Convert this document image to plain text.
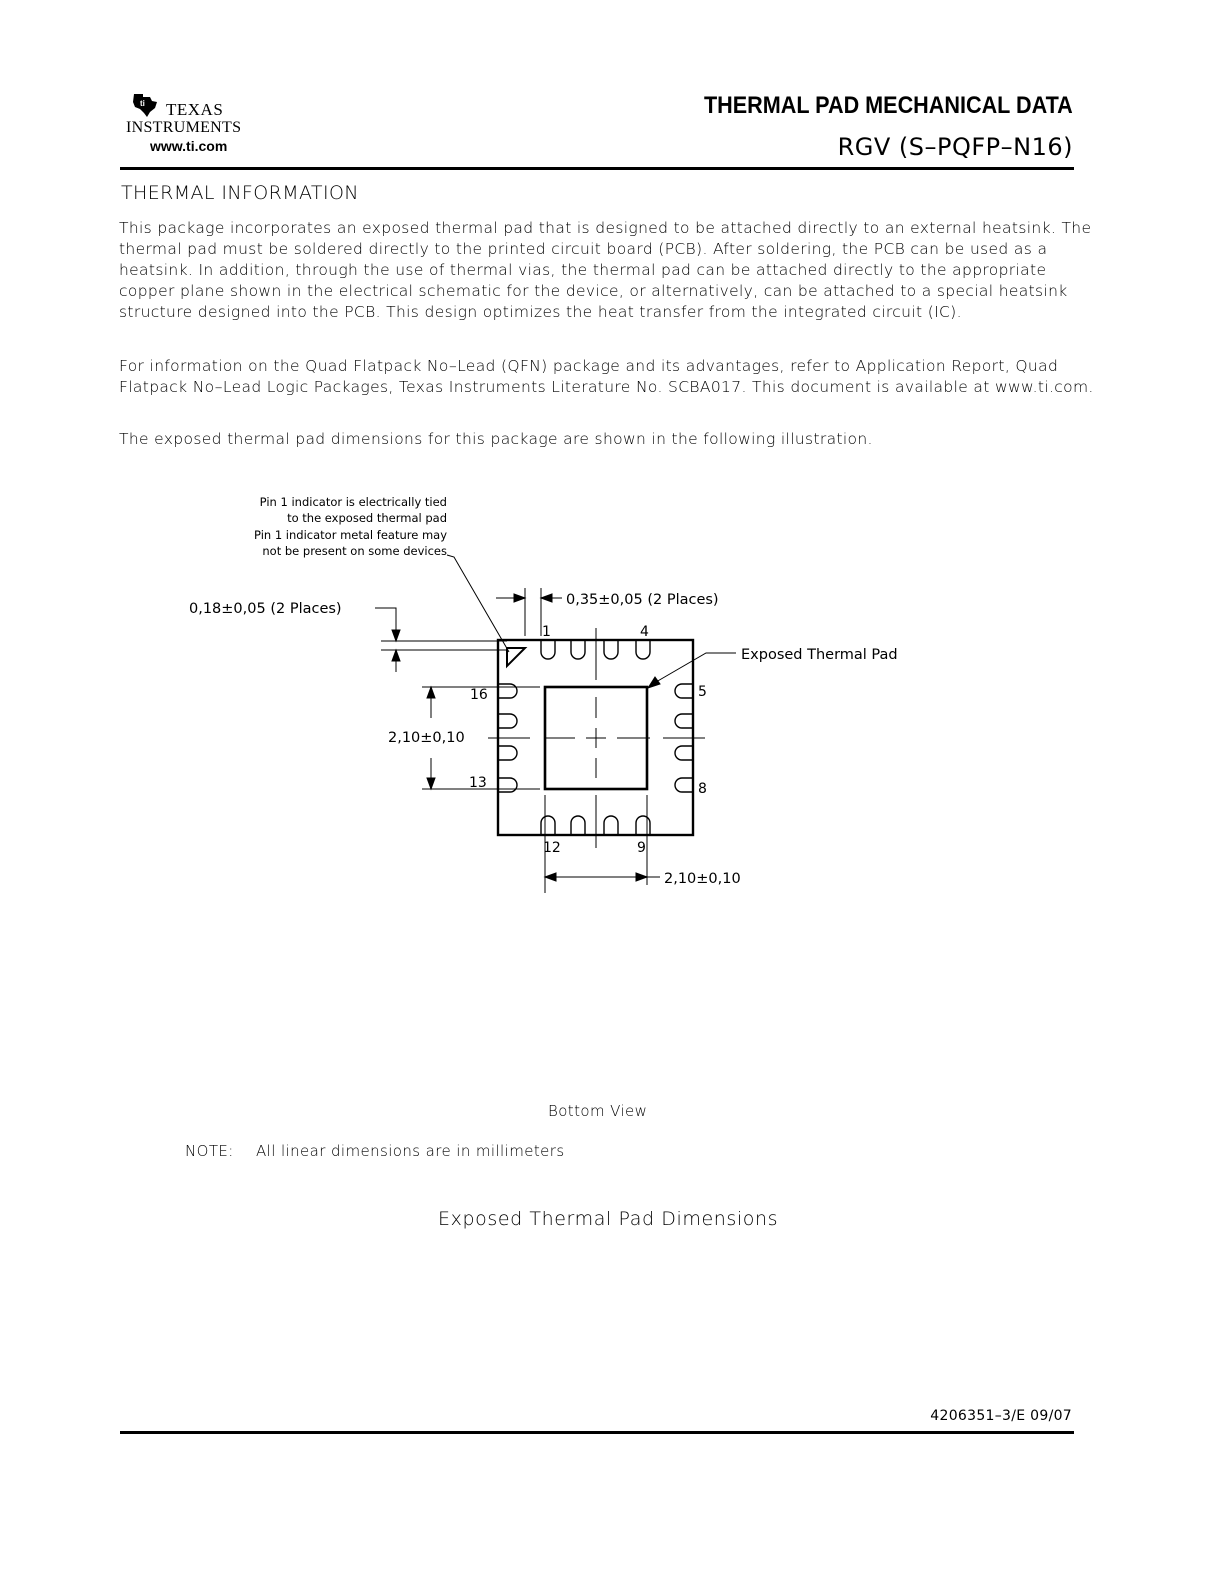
ti TEXAS
INSTRUMENTS
www.ti.com
THERMAL PAD MECHANICAL DATA
RGV (S–PQFP–N16)
THERMAL INFORMATION

This package incorporates an exposed thermal pad that is designed to be attached directly to an external heatsink. The thermal pad must be soldered directly to the printed circuit board (PCB). After soldering, the PCB can be used as a heatsink. In addition, through the use of thermal vias, the thermal pad can be attached directly to the appropriate copper plane shown in the electrical schematic for the device, or alternatively, can be attached to a special heatsink structure designed into the PCB. This design optimizes the heat transfer from the integrated circuit (IC).

For information on the Quad Flatpack No–Lead (QFN) package and its advantages, refer to Application Report, Quad Flatpack No–Lead Logic Packages, Texas Instruments Literature No. SCBA017. This document is available at www.ti.com.

The exposed thermal pad dimensions for this package are shown in the following illustration.

Pin 1 indicator is electrically tied
to the exposed thermal pad
Pin 1 indicator metal feature may
not be present on some devices
1	4
5
8
9
12
13
16
0,35±0,05 (2 Places)
0,18±0,05 (2 Places)
2,10±0,10
2,10±0,10
Exposed Thermal Pad
Bottom View
NOTE: All linear dimensions are in millimeters
Exposed Thermal Pad Dimensions
4206351–3/E 09/07
